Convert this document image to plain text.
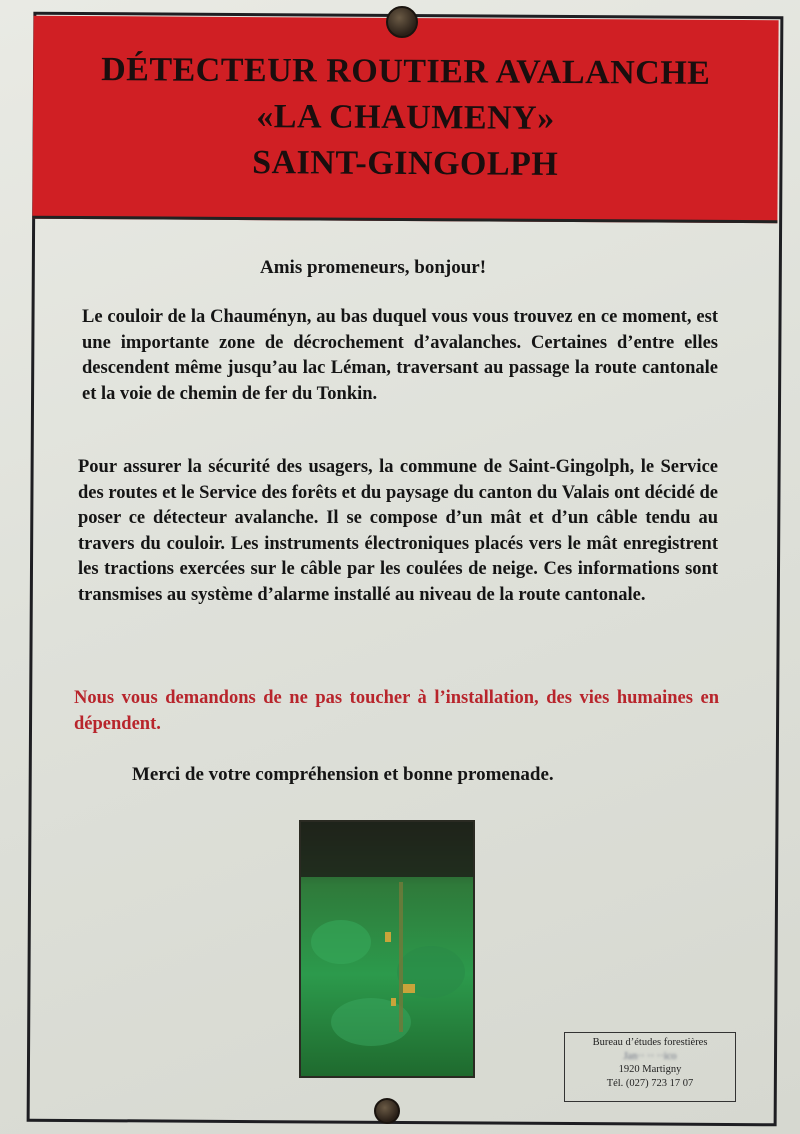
DÉTECTEUR ROUTIER AVALANCHE
«LA CHAUMENY»
SAINT-GINGOLPH
Amis promeneurs, bonjour!

Le couloir de la Chauményn, au bas duquel vous vous trouvez en ce moment, est une importante zone de décrochement d’avalanches. Certaines d’entre elles descendent même jusqu’au lac Léman, traversant au passage la route cantonale et la voie de chemin de fer du Tonkin.

Pour assurer la sécurité des usagers, la commune de Saint-Gingolph, le Service des routes et le Service des forêts et du paysage du canton du Valais ont décidé de poser ce détecteur avalanche. Il se compose d’un mât et d’un câble tendu au travers du couloir. Les instruments électroniques placés vers le mât enregistrent les tractions exercées sur le câble par les coulées de neige. Ces informations sont transmises au système d’alarme installé au niveau de la route cantonale.

Nous vous demandons de ne pas toucher à l’installation, des vies humaines en dépendent.

Merci de votre compréhension et bonne promenade.
Bureau d’études forestières
Jan·· ·· ··ico
1920 Martigny
Tél. (027) 723 17 07
